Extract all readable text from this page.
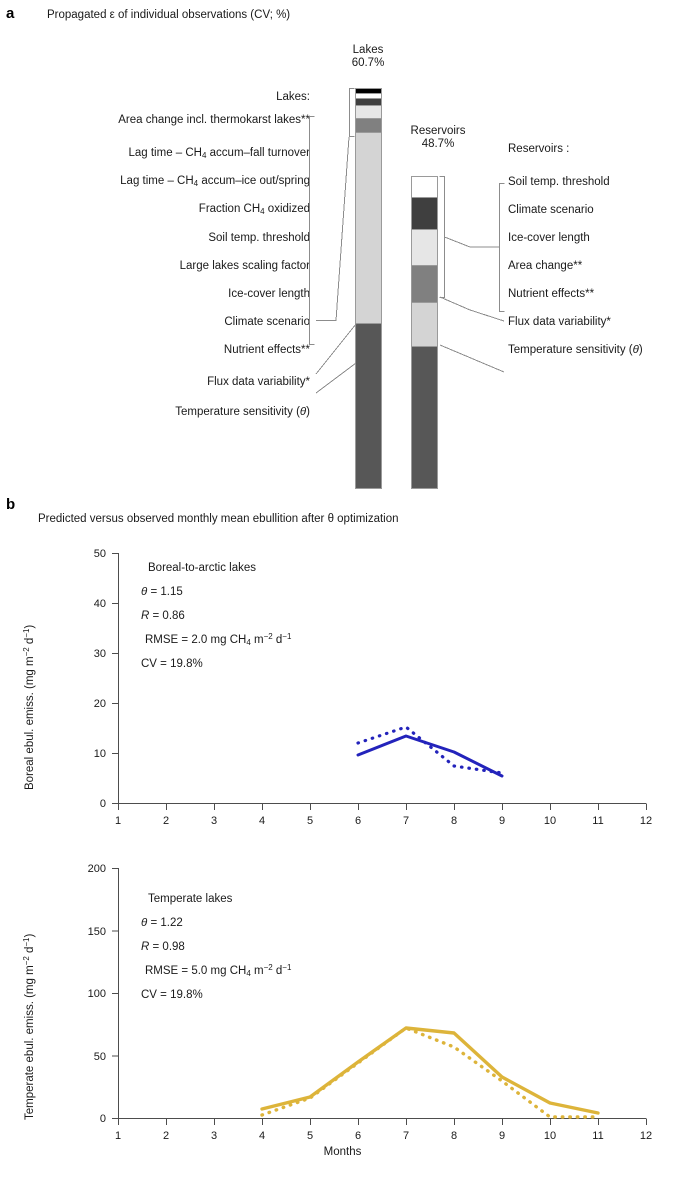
a	Propagated ε of individual observations (CV; %)
Lakes
60.7%
Reservoirs
48.7%
Lakes:
Area change incl. thermokarst lakes**
Lag time – $CH_4$ accum–fall turnover
Lag time – $CH_4$ accum–ice out/spring
Fraction $CH_4$ oxidized
Soil temp. threshold
Large lakes scaling factor
Ice-cover length
Climate scenario
Nutrient effects**
Flux data variability*
Temperature sensitivity (θ)
Reservoirs :
Soil temp. threshold
Climate scenario
Ice-cover length
Area change**
Nutrient effects**
Flux data variability*
Temperature sensitivity (θ)
b
Predicted versus observed monthly mean ebullition after θ optimization
50
40
30
20
10
0
1	2	3	4	5	6	7	8	9	10	11	12
Boreal ebul. emiss. (mg $m^{-2}$ $d^{-1}$)
Boreal-to-arctic lakes
θ = 1.15
R = 0.86
RMSE = 2.0 mg $CH_4$ $m^{-2}$ $d^{-1}$
CV = 19.8%
200
150
100
50
0
1	2	3	4	5	6	7	8	9	10	11	12
Temperate ebul. emiss. (mg $m^{-2}$ $d^{-1}$)
Temperate lakes
θ = 1.22
R = 0.98
RMSE = 5.0 mg $CH_4$ $m^{-2}$ $d^{-1}$
CV = 19.8%
Months
